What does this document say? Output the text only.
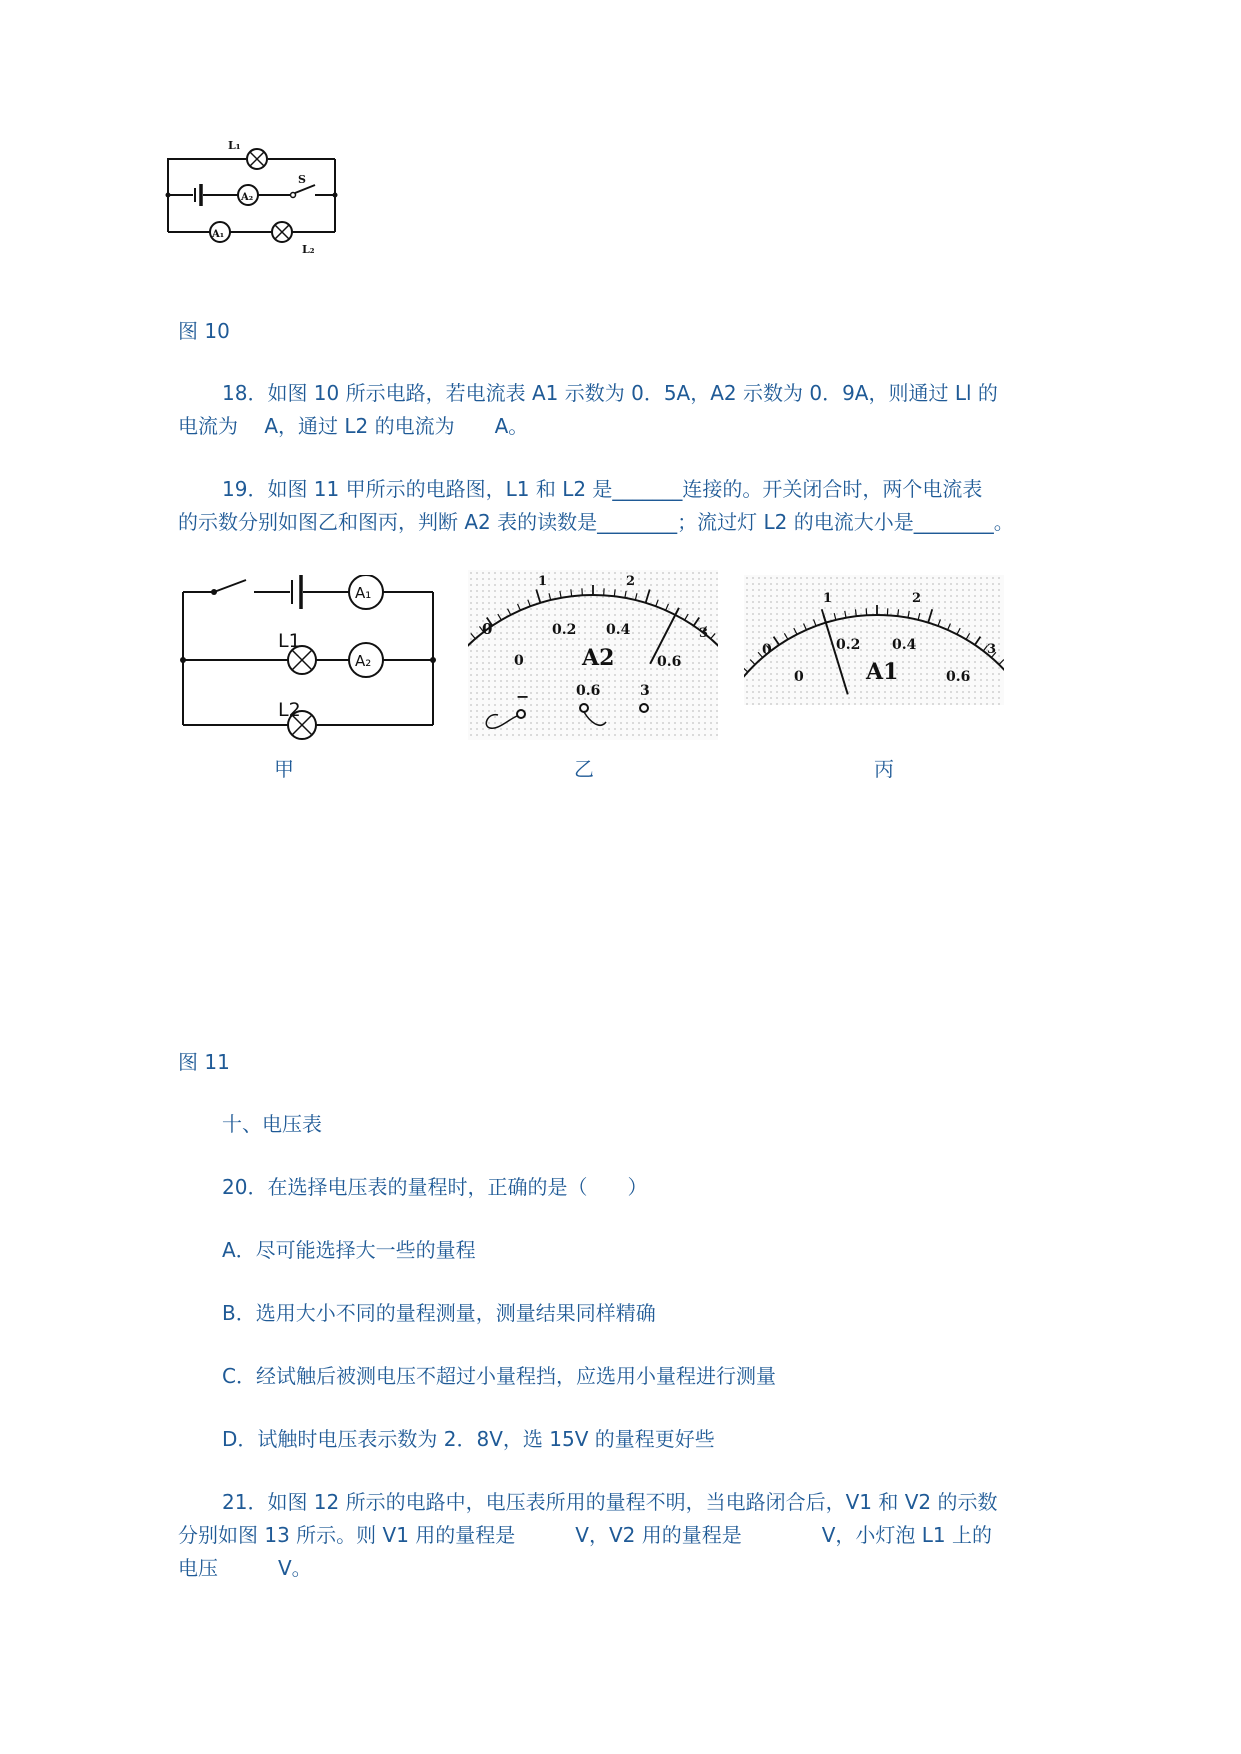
L₁
A₂
A₁
S
L₂
图 10
18．如图 10 所示电路，若电流表 A1 示数为 0．5A，A2 示数为 0．9A，则通过 Ll 的
电流为　 A，通过 L2 的电流为　　A。
19．如图 11 甲所示的电路图，L1 和 L2 是_______连接的。开关闭合时，两个电流表
的示数分别如图乙和图丙，判断 A2 表的读数是________；流过灯 L2 的电流大小是________。
L1
L2
A₁
A₂
0
1	2
3
0
0.2 0.4
0.6
A2
−	0.6	3
0
1	2
3
0
0.2 0.4
0.6
A1
甲	乙	丙
图 11
十、电压表
20．在选择电压表的量程时，正确的是（　　）
A．尽可能选择大一些的量程
B．选用大小不同的量程测量，测量结果同样精确
C．经试触后被测电压不超过小量程挡，应选用小量程进行测量
D．试触时电压表示数为 2．8V，选 15V 的量程更好些
21．如图 12 所示的电路中，电压表所用的量程不明，当电路闭合后，V1 和 V2 的示数
分别如图 13 所示。则 V1 用的量程是　　　V，V2 用的量程是　　　　V，小灯泡 L1 上的
电压　　　V。
